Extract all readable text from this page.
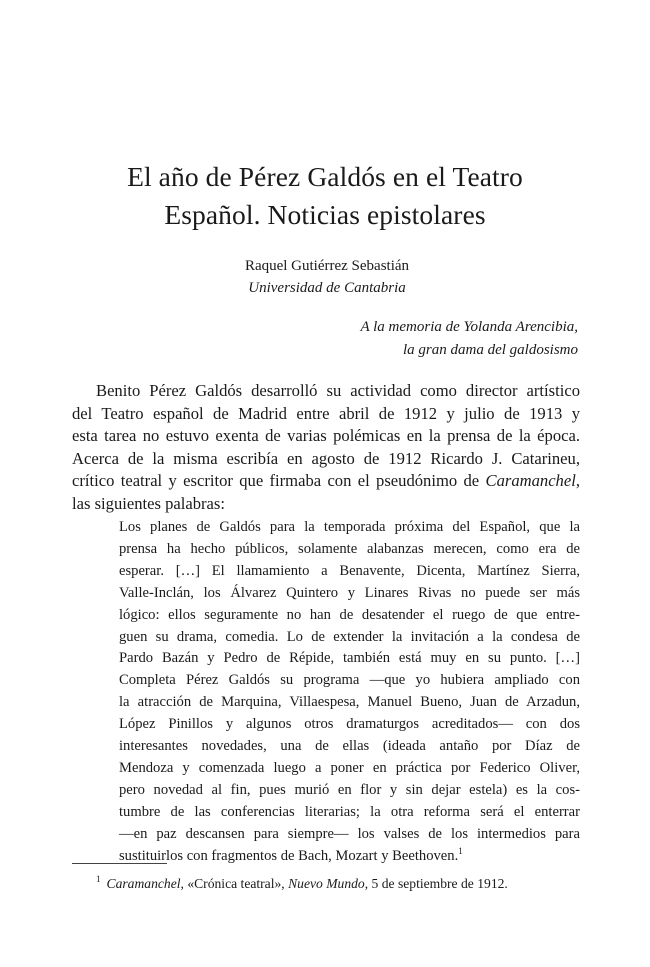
El año de Pérez Galdós en el Teatro
Español. Noticias epistolares
Raquel Gutiérrez Sebastián
Universidad de Cantabria
A la memoria de Yolanda Arencibia,
la gran dama del galdosismo

Benito Pérez Galdós desarrolló su actividad como director artístico
del Teatro español de Madrid entre abril de 1912 y julio de 1913 y
esta tarea no estuvo exenta de varias polémicas en la prensa de la época.
Acerca de la misma escribía en agosto de 1912 Ricardo J. Catarineu,
crítico teatral y escritor que firmaba con el pseudónimo de Caramanchel,
las siguientes palabras:

Los planes de Galdós para la temporada próxima del Español, que la
prensa ha hecho públicos, solamente alabanzas merecen, como era de
esperar. […] El llamamiento a Benavente, Dicenta, Martínez Sierra,
Valle-Inclán, los Álvarez Quintero y Linares Rivas no puede ser más
lógico: ellos seguramente no han de desatender el ruego de que entre-
guen su drama, comedia. Lo de extender la invitación a la condesa de
Pardo Bazán y Pedro de Répide, también está muy en su punto. […]
Completa Pérez Galdós su programa —que yo hubiera ampliado con
la atracción de Marquina, Villaespesa, Manuel Bueno, Juan de Arzadun,
López Pinillos y algunos otros dramaturgos acreditados— con dos
interesantes novedades, una de ellas (ideada antaño por Díaz de
Mendoza y comenzada luego a poner en práctica por Federico Oliver,
pero novedad al fin, pues murió en flor y sin dejar estela) es la cos-
tumbre de las conferencias literarias; la otra reforma será el enterrar
—en paz descansen para siempre— los valses de los intermedios para
sustituirlos con fragmentos de Bach, Mozart y Beethoven.$^1$

$^1$ Caramanchel, «Crónica teatral», Nuevo Mundo, 5 de septiembre de 1912.
